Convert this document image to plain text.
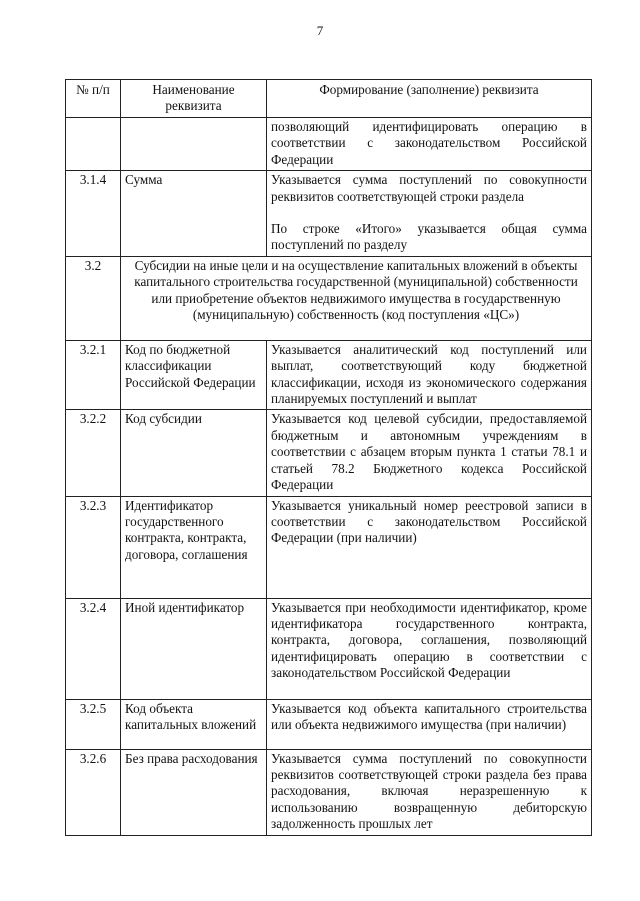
7
№ п/п	Наименование реквизита	Формирование (заполнение) реквизита
		позволяющий идентифицировать операцию в соответствии с законодательством Российской Федерации
3.1.4	Сумма	Указывается сумма поступлений по совокупности реквизитов соответствующей строки раздела
По строке «Итого» указывается общая сумма поступлений по разделу

3.2	Субсидии на иные цели и на осуществление капитальных вложений в объекты капитального строительства государственной (муниципальной) собственности или приобретение объектов недвижимого имущества в государственную (муниципальную) собственность (код поступления «ЦС»)	
3.2.1	Код по бюджетной классификации Российской Федерации	Указывается аналитический код поступлений или выплат, соответствующий коду бюджетной классификации, исходя из экономического содержания планируемых поступлений и выплат
3.2.2	Код субсидии	Указывается код целевой субсидии, предоставляемой бюджетным и автономным учреждениям в соответствии с абзацем вторым пункта 1 статьи 78.1 и статьей 78.2 Бюджетного кодекса Российской Федерации
3.2.3	Идентификатор государственного контракта, контракта, договора, соглашения	Указывается уникальный номер реестровой записи в соответствии с законодательством Российской Федерации (при наличии)
3.2.4	Иной идентификатор	Указывается при необходимости идентификатор, кроме идентификатора государственного контракта, контракта, договора, соглашения, позволяющий идентифицировать операцию в соответствии с законодательством Российской Федерации
3.2.5	Код объекта капитальных вложений	Указывается код объекта капитального строительства или объекта недвижимого имущества (при наличии)
3.2.6	Без права расходования	Указывается сумма поступлений по совокупности реквизитов соответствующей строки раздела без права расходования, включая неразрешенную к использованию возвращенную дебиторскую задолженность прошлых лет
